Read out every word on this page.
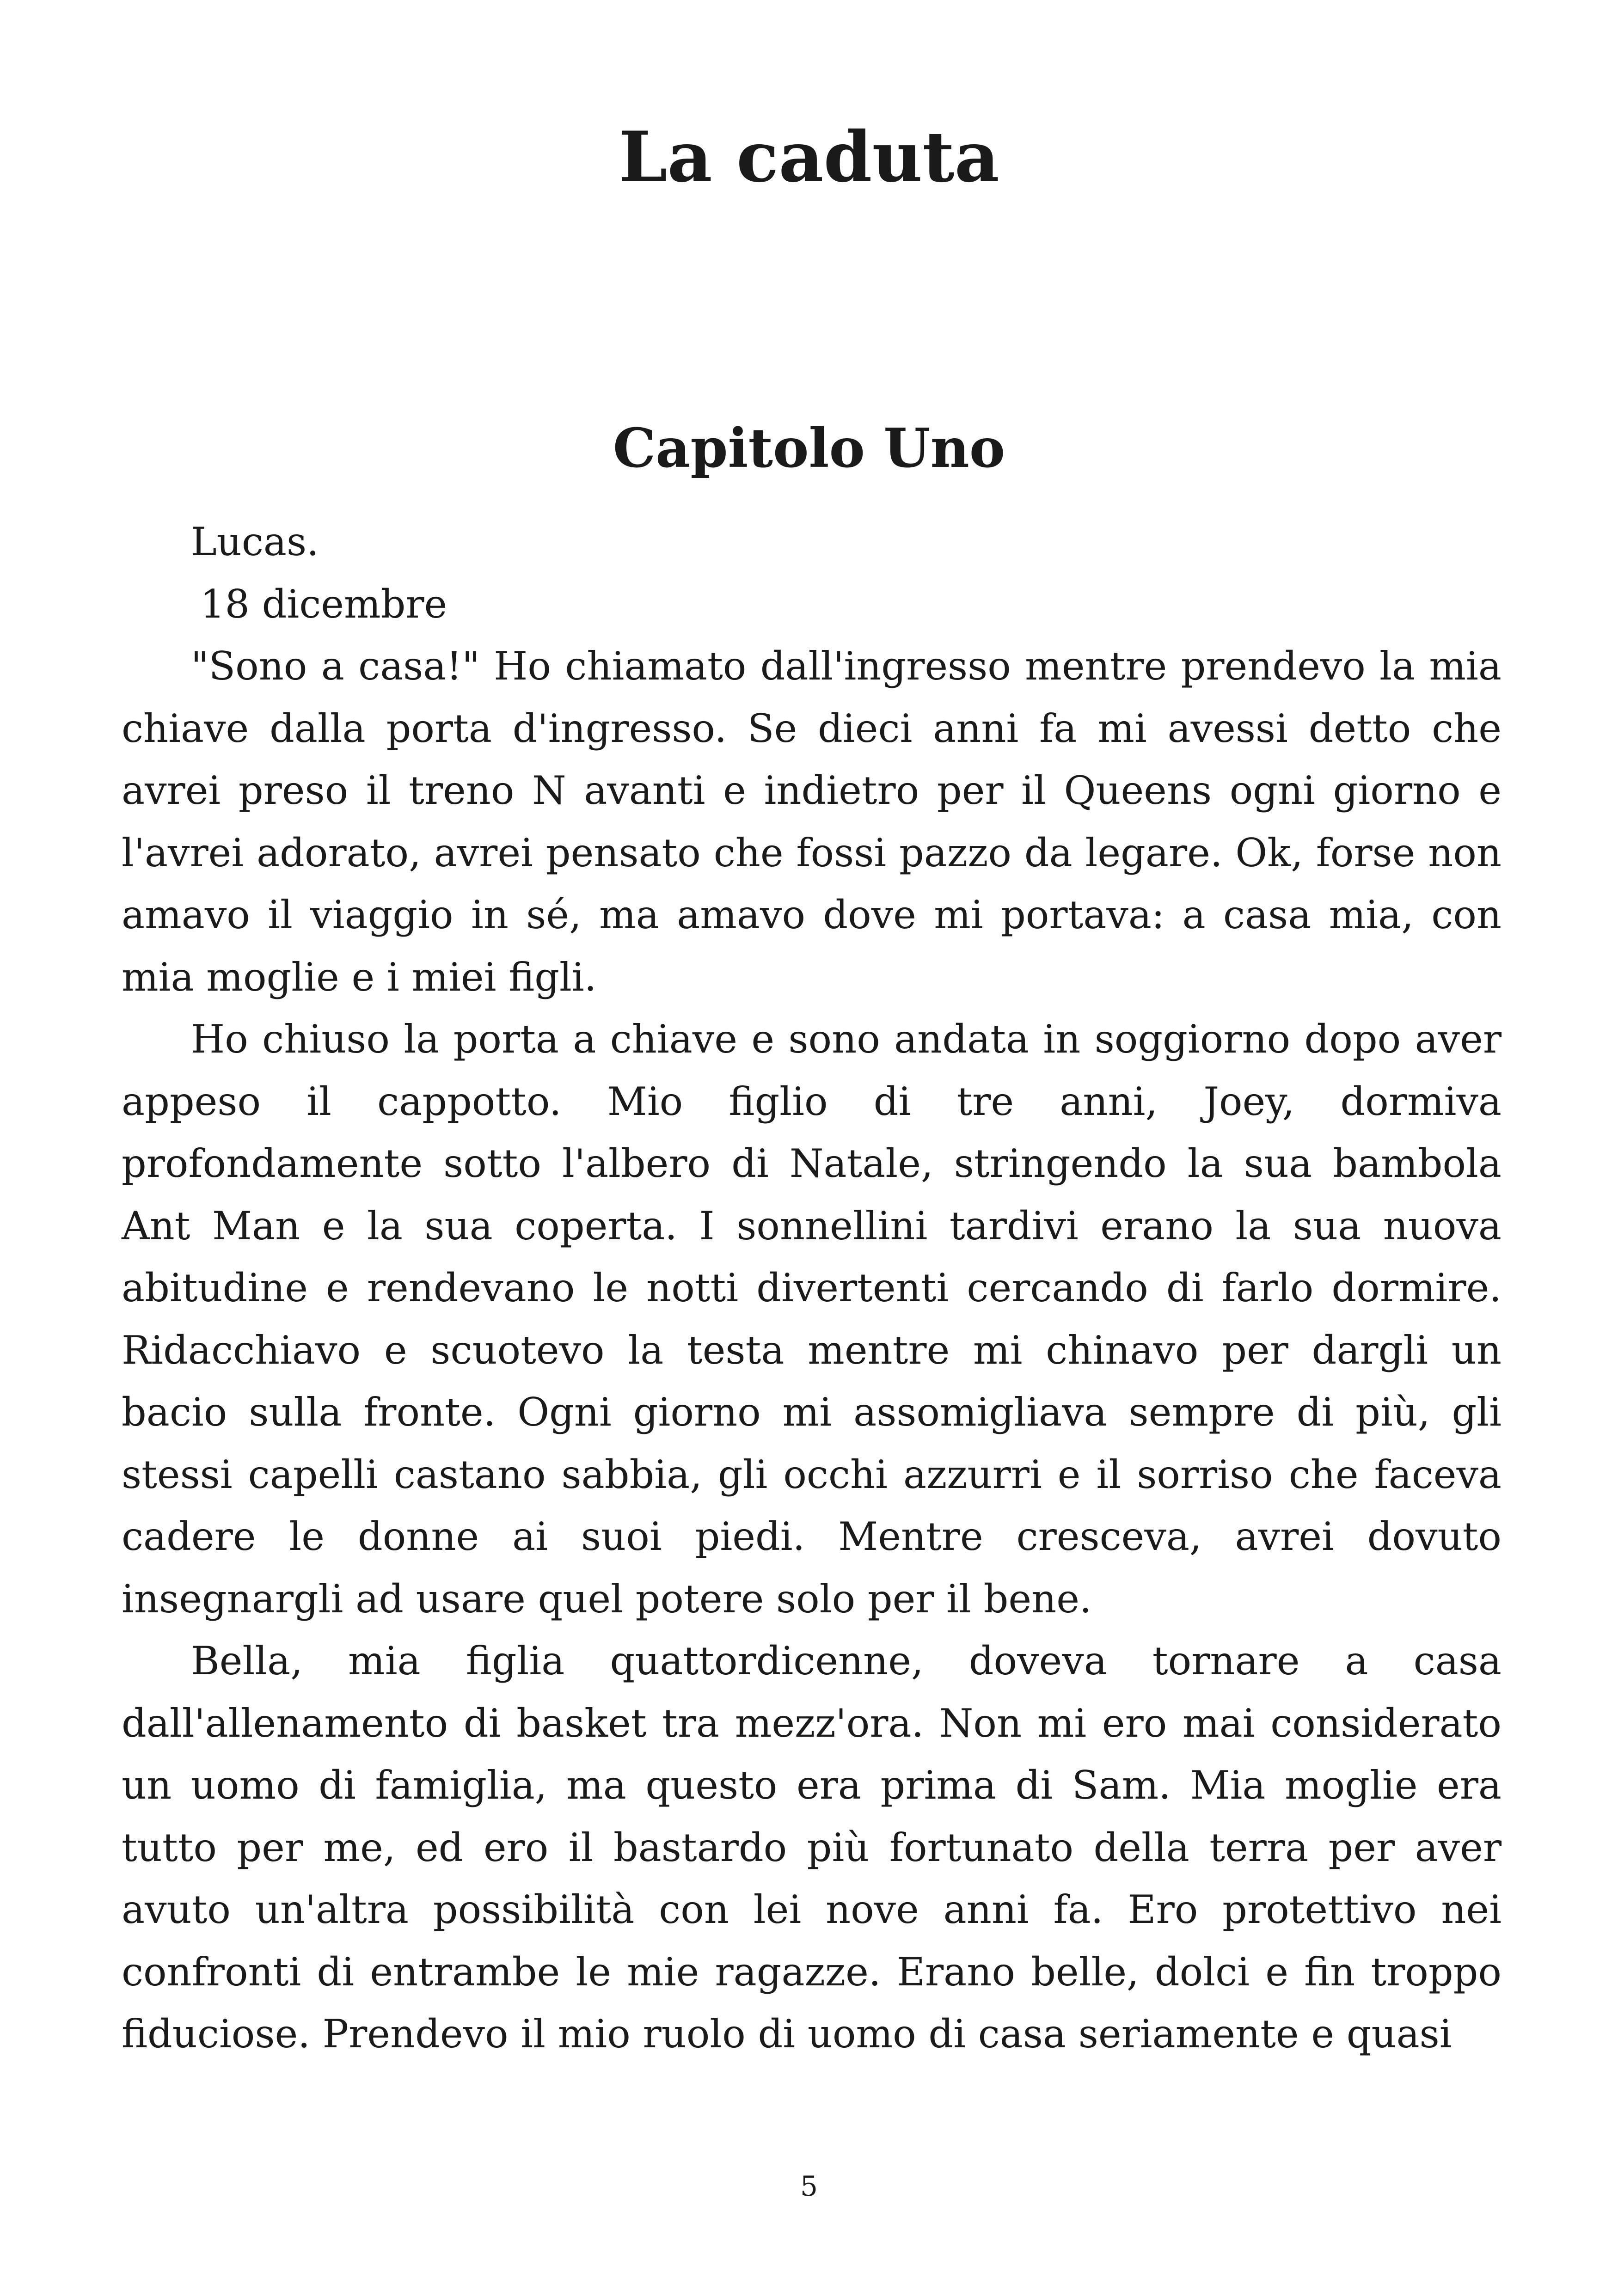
La caduta
Capitolo Uno

Lucas.

18 dicembre

"Sono a casa!" Ho chiamato dall'ingresso mentre prendevo la mia chiave dalla porta d'ingresso. Se dieci anni fa mi avessi detto che avrei preso il treno N avanti e indietro per il Queens ogni giorno e l'avrei adorato, avrei pensato che fossi pazzo da legare. Ok, forse non amavo il viaggio in sé, ma amavo dove mi portava: a casa mia, con mia moglie e i miei figli.

Ho chiuso la porta a chiave e sono andata in soggiorno dopo aver appeso il cappotto. Mio figlio di tre anni, Joey, dormiva profondamente sotto l'albero di Natale, stringendo la sua bambola Ant Man e la sua coperta. I sonnellini tardivi erano la sua nuova abitudine e rendevano le notti divertenti cercando di farlo dormire. Ridacchiavo e scuotevo la testa mentre mi chinavo per dargli un bacio sulla fronte. Ogni giorno mi assomigliava sempre di più, gli stessi capelli castano sabbia, gli occhi azzurri e il sorriso che faceva cadere le donne ai suoi piedi. Mentre cresceva, avrei dovuto insegnargli ad usare quel potere solo per il bene.

Bella, mia figlia quattordicenne, doveva tornare a casa dall'allenamento di basket tra mezz'ora. Non mi ero mai considerato un uomo di famiglia, ma questo era prima di Sam. Mia moglie era tutto per me, ed ero il bastardo più fortunato della terra per aver avuto un'altra possibilità con lei nove anni fa. Ero protettivo nei confronti di entrambe le mie ragazze. Erano belle, dolci e fin troppo fiduciose. Prendevo il mio ruolo di uomo di casa seriamente e quasi

5
